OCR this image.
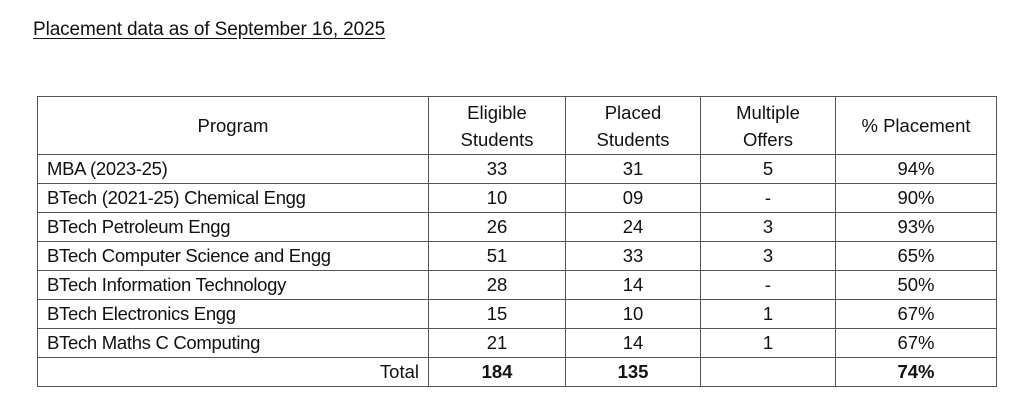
Placement data as of September 16, 2025
Program	Eligible Students	Placed Students	Multiple Offers	% Placement
MBA (2023-25)	33	31	5	94%
BTech (2021-25) Chemical Engg	10	09	-	90%
BTech Petroleum Engg	26	24	3	93%
BTech Computer Science and Engg	51	33	3	65%
BTech Information Technology	28	14	-	50%
BTech Electronics Engg	15	10	1	67%
BTech Maths C Computing	21	14	1	67%
Total	184	135		74%
